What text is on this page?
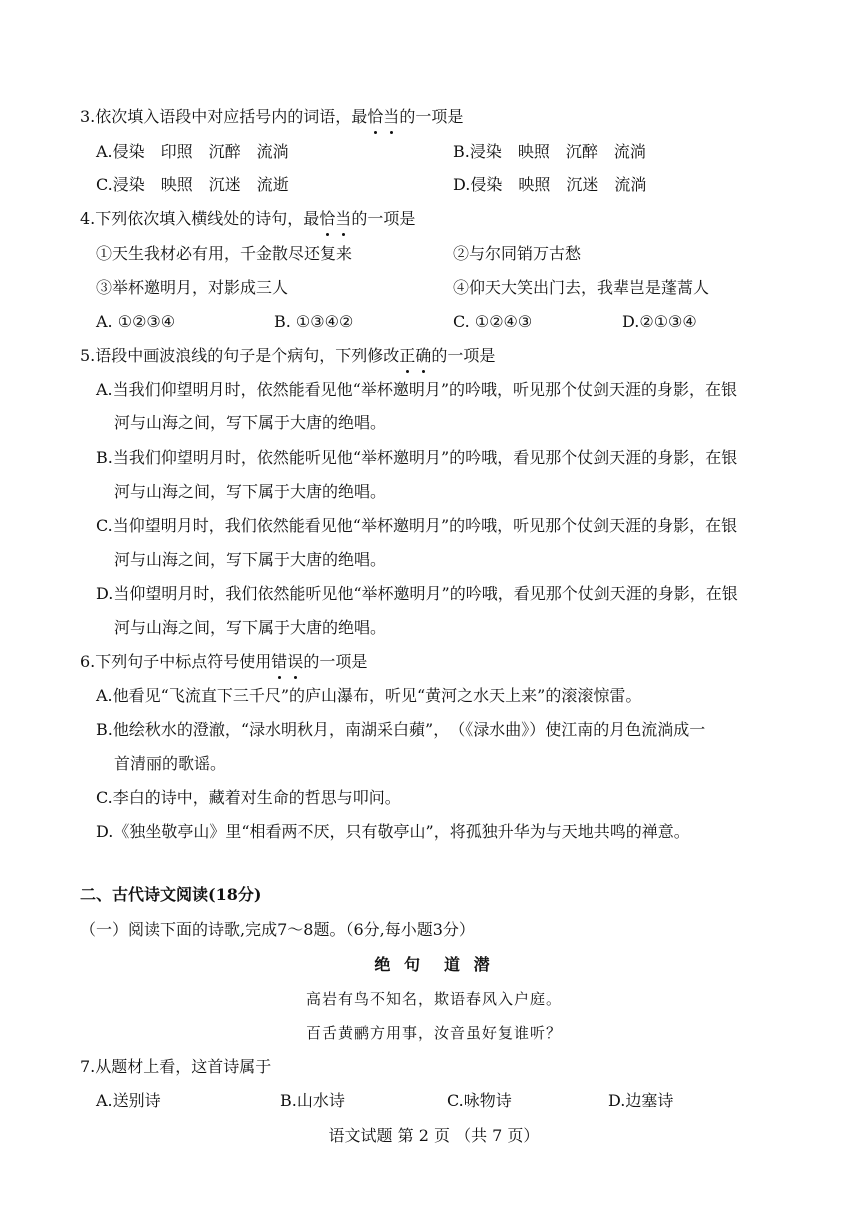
3.依次填入语段中对应括号内的词语，最恰当的一项是
A.侵染　印照　沉醉　流淌	B.浸染　映照　沉醉　流淌
C.浸染　映照　沉迷　流逝	D.侵染　映照　沉迷　流淌
4.下列依次填入横线处的诗句，最恰当的一项是
①天生我材必有用，千金散尽还复来	②与尔同销万古愁
③举杯邀明月，对影成三人	④仰天大笑出门去，我辈岂是蓬蒿人
A. ①②③④	B. ①③④②	C. ①②④③	D.②①③④
5.语段中画波浪线的句子是个病句，下列修改正确的一项是
A.当我们仰望明月时，依然能看见他“举杯邀明月”的吟哦，听见那个仗剑天涯的身影，在银
河与山海之间，写下属于大唐的绝唱。
B.当我们仰望明月时，依然能听见他“举杯邀明月”的吟哦，看见那个仗剑天涯的身影，在银
河与山海之间，写下属于大唐的绝唱。
C.当仰望明月时，我们依然能看见他“举杯邀明月”的吟哦，听见那个仗剑天涯的身影，在银
河与山海之间，写下属于大唐的绝唱。
D.当仰望明月时，我们依然能听见他“举杯邀明月”的吟哦，看见那个仗剑天涯的身影，在银
河与山海之间，写下属于大唐的绝唱。
6.下列句子中标点符号使用错误的一项是
A.他看见“飞流直下三千尺”的庐山瀑布，听见“黄河之水天上来”的滚滚惊雷。
B.他绘秋水的澄澈，“渌水明秋月，南湖采白蘋”，　（《渌水曲》）使江南的月色流淌成一
首清丽的歌谣。
C.李白的诗中，藏着对生命的哲思与叩问。
D.《独坐敬亭山》里“相看两不厌，只有敬亭山”，将孤独升华为与天地共鸣的禅意。
二、古代诗文阅读(18分)
（一）阅读下面的诗歌,完成7～8题。（6分,每小题3分）
绝 句　道 潜
高岩有鸟不知名，欺语春风入户庭。
百舌黄鹂方用事，汝音虽好复谁听？
7.从题材上看，这首诗属于
A.送别诗	B.山水诗	C.咏物诗	D.边塞诗
语文试题 第 2 页 （共 7 页）
